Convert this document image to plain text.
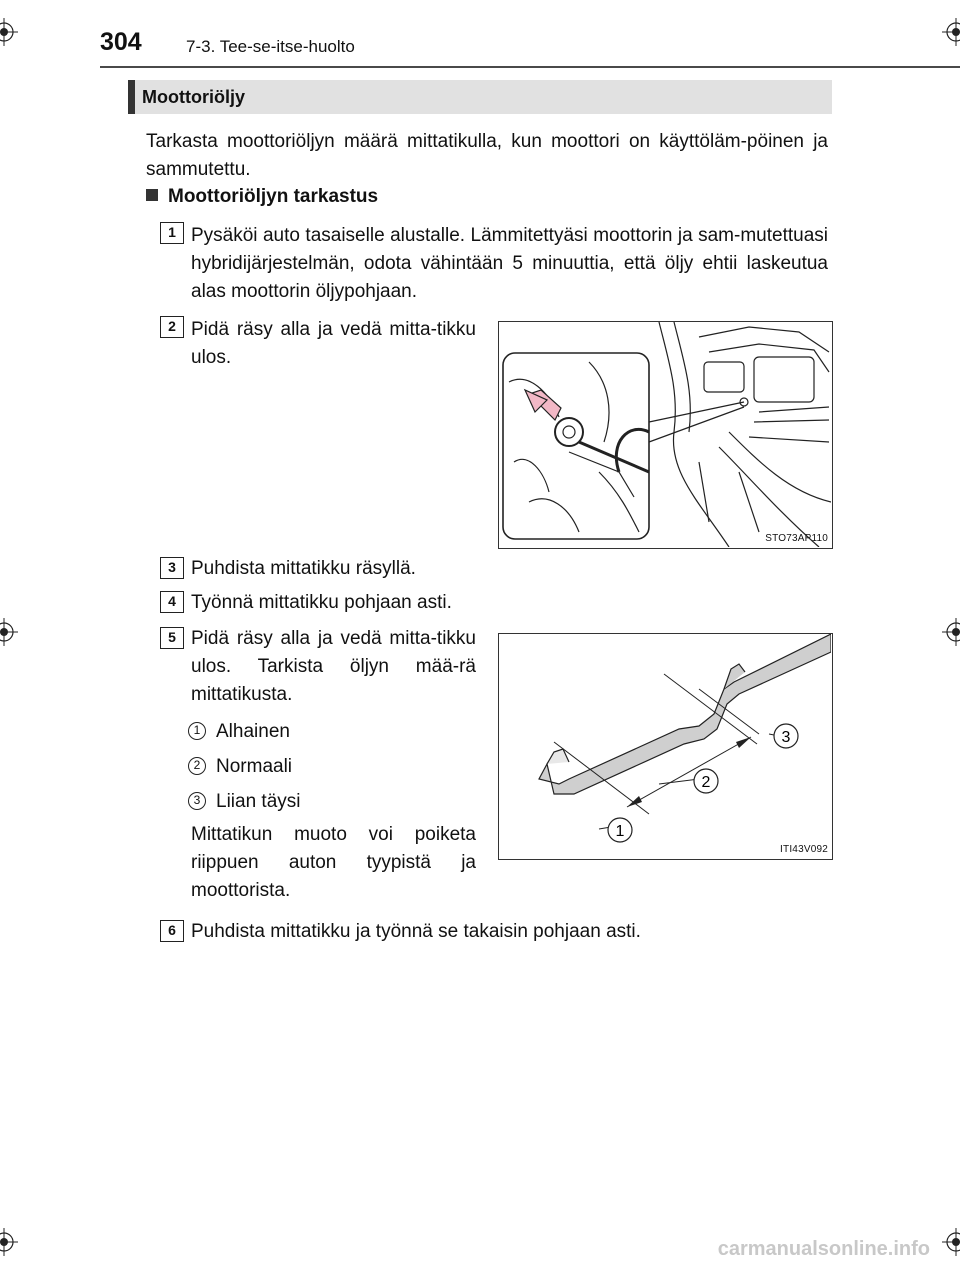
304	7-3. Tee-se-itse-huolto
Moottoriöljy
Tarkasta moottoriöljyn määrä mittatikulla, kun moottori on käyttöläm-pöinen ja sammutettu.
Moottoriöljyn tarkastus
1 Pysäköi auto tasaiselle alustalle. Lämmitettyäsi moottorin ja sam-mutettuasi hybridijärjestelmän, odota vähintään 5 minuuttia, että öljy ehtii laskeutua alas moottorin öljypohjaan.
2 Pidä räsy alla ja vedä mitta-tikku ulos.
STO73AP110
3 Puhdista mittatikku räsyllä.
4 Työnnä mittatikku pohjaan asti.
5 Pidä räsy alla ja vedä mitta-tikku ulos. Tarkista öljyn mää-rä mittatikusta.
1 Alhainen
2 Normaali
3 Liian täysi
Mittatikun muoto voi poiketa riippuen auton tyypistä ja moottorista.
3
2
1
ITI43V092
6 Puhdista mittatikku ja työnnä se takaisin pohjaan asti.
carmanualsonline.info
